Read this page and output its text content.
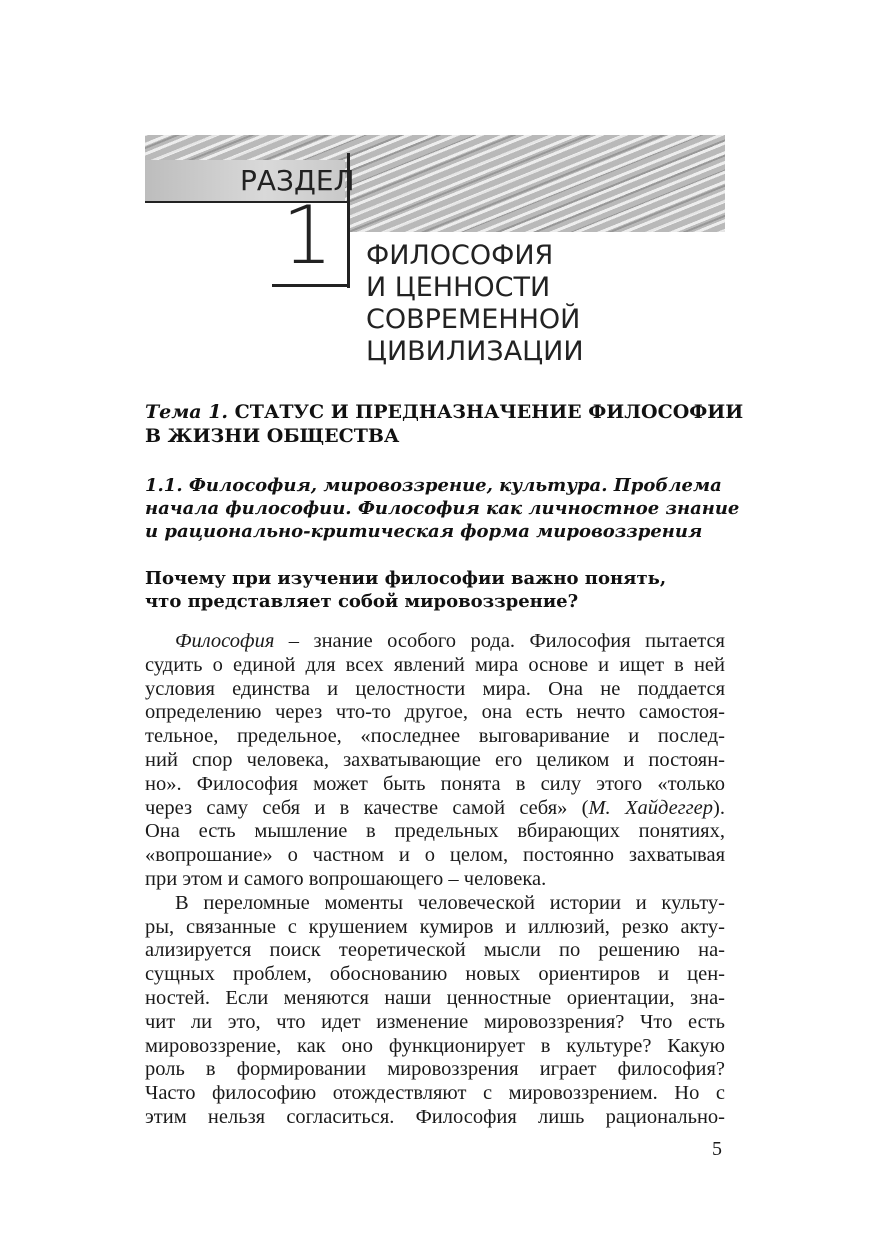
РАЗДЕЛ
1 ФИЛОСОФИЯ
И ЦЕННОСТИ
СОВРЕМЕННОЙ
ЦИВИЛИЗАЦИИ
Тема 1. СТАТУС И ПРЕДНАЗНАЧЕНИЕ ФИЛОСОФИИ
В ЖИЗНИ ОБЩЕСТВА
1.1. Философия, мировоззрение, культура. Проблема
начала философии. Философия как личностное знание
и рационально-критическая форма мировоззрения
Почему при изучении философии важно понять,
что представляет собой мировоззрение?
Философия – знание особого рода. Философия пытается
судить о единой для всех явлений мира основе и ищет в ней
условия единства и целостности мира. Она не поддается
определению через что-то другое, она есть нечто самостоя-
тельное, предельное, «последнее выговаривание и послед-
ний спор человека, захватывающие его целиком и постоян-
но». Философия может быть понята в силу этого «только
через саму себя и в качестве самой себя» (М. Хайдеггер).
Она есть мышление в предельных вбирающих понятиях,
«вопрошание» о частном и о целом, постоянно захватывая
при этом и самого вопрошающего – человека.
В переломные моменты человеческой истории и культу-
ры, связанные с крушением кумиров и иллюзий, резко акту-
ализируется поиск теоретической мысли по решению на-
сущных проблем, обоснованию новых ориентиров и цен-
ностей. Если меняются наши ценностные ориентации, зна-
чит ли это, что идет изменение мировоззрения? Что есть
мировоззрение, как оно функционирует в культуре? Какую
роль в формировании мировоззрения играет философия?
Часто философию отождествляют с мировоззрением. Но с
этим нельзя согласиться. Философия лишь рационально-
5
